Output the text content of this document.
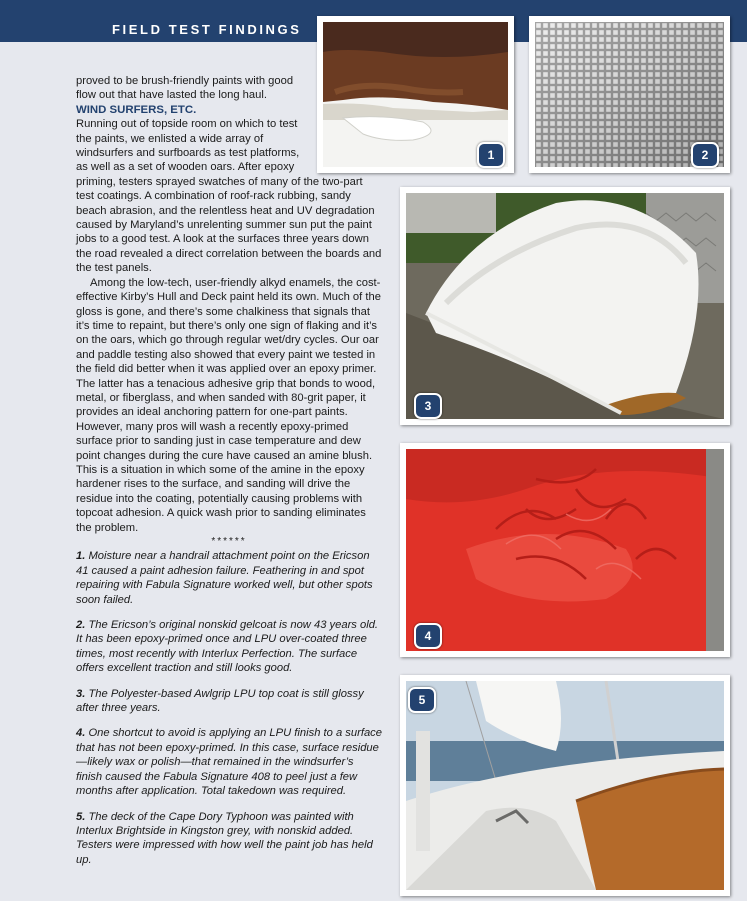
FIELD TEST FINDINGS

proved to be brush-friendly paints with good flow out that have lasted the long haul.

WIND SURFERS, ETC.

Running out of topside room on which to test the paints, we enlisted a wide array of windsurfers and surfboards as test platforms, as well as a set of wooden oars. After epoxy

priming, testers sprayed swatches of many of the two-part test coatings. A combination of roof-rack rubbing, sandy beach abrasion, and the relentless heat and UV degradation caused by Maryland’s unrelenting summer sun put the paint jobs to a good test. A look at the surfaces three years down the road revealed a direct correlation between the boards and the test panels.

Among the low-tech, user-friendly alkyd enamels, the cost-effective Kirby’s Hull and Deck paint held its own. Much of the gloss is gone, and there’s some chalkiness that signals that it’s time to repaint, but there’s only one sign of flaking and it’s on the oars, which go through regular wet/dry cycles. Our oar and paddle testing also showed that every paint we tested in the field did better when it was applied over an epoxy primer. The latter has a tenacious adhesive grip that bonds to wood, metal, or fiberglass, and when sanded with 80-grit paper, it provides an ideal anchoring pattern for one-part paints. However, many pros will wash a recently epoxy-primed surface prior to sanding just in case temperature and dew point changes during the cure have caused an amine blush. This is a situation in which some of the amine in the epoxy hardener rises to the surface, and sanding will drive the residue into the coating, potentially causing problems with topcoat adhesion. A quick wash prior to sanding eliminates the problem.

******

1. Moisture near a handrail attachment point on the Ericson 41 caused a paint adhesion failure. Feathering in and spot repairing with Fabula Signature worked well, but other spots soon failed.

2. The Ericson’s original nonskid gelcoat is now 43 years old. It has been epoxy-primed once and LPU over-coated three times, most recently with Interlux Perfection. The surface offers excellent traction and still looks good.

3. The Polyester-based Awlgrip LPU top coat is still glossy after three years.

4. One shortcut to avoid is applying an LPU finish to a surface that has not been epoxy-primed. In this case, surface residue—likely wax or polish—that remained in the windsurfer’s finish caused the Fabula Signature 408 to peel just a few months after application. Total takedown was required.

5. The deck of the Cape Dory Typhoon was painted with Interlux Brightside in Kingston grey, with nonskid added. Testers were impressed with how well the paint job has held up.

1	2
3
4
5
